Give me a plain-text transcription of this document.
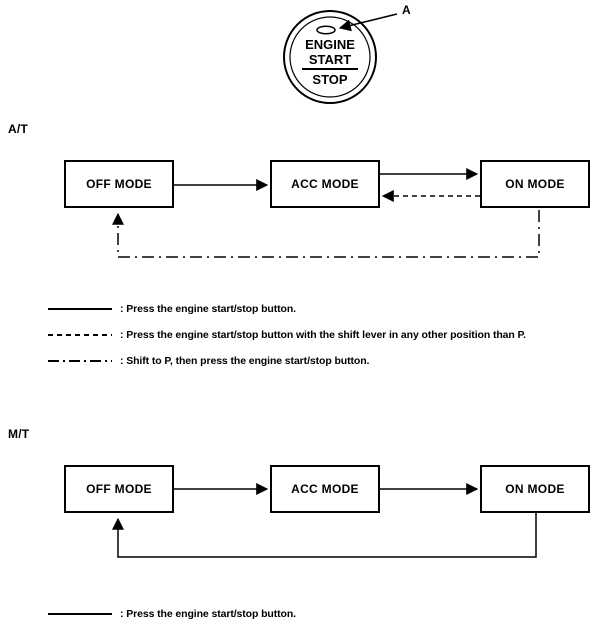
A
ENGINE
START
STOP
A/T
OFF MODE	ACC MODE	ON MODE
: Press the engine start/stop button.
: Press the engine start/stop button with the shift lever in any other position than P.
: Shift to P, then press the engine start/stop button.
M/T
OFF MODE	ACC MODE	ON MODE
: Press the engine start/stop button.
